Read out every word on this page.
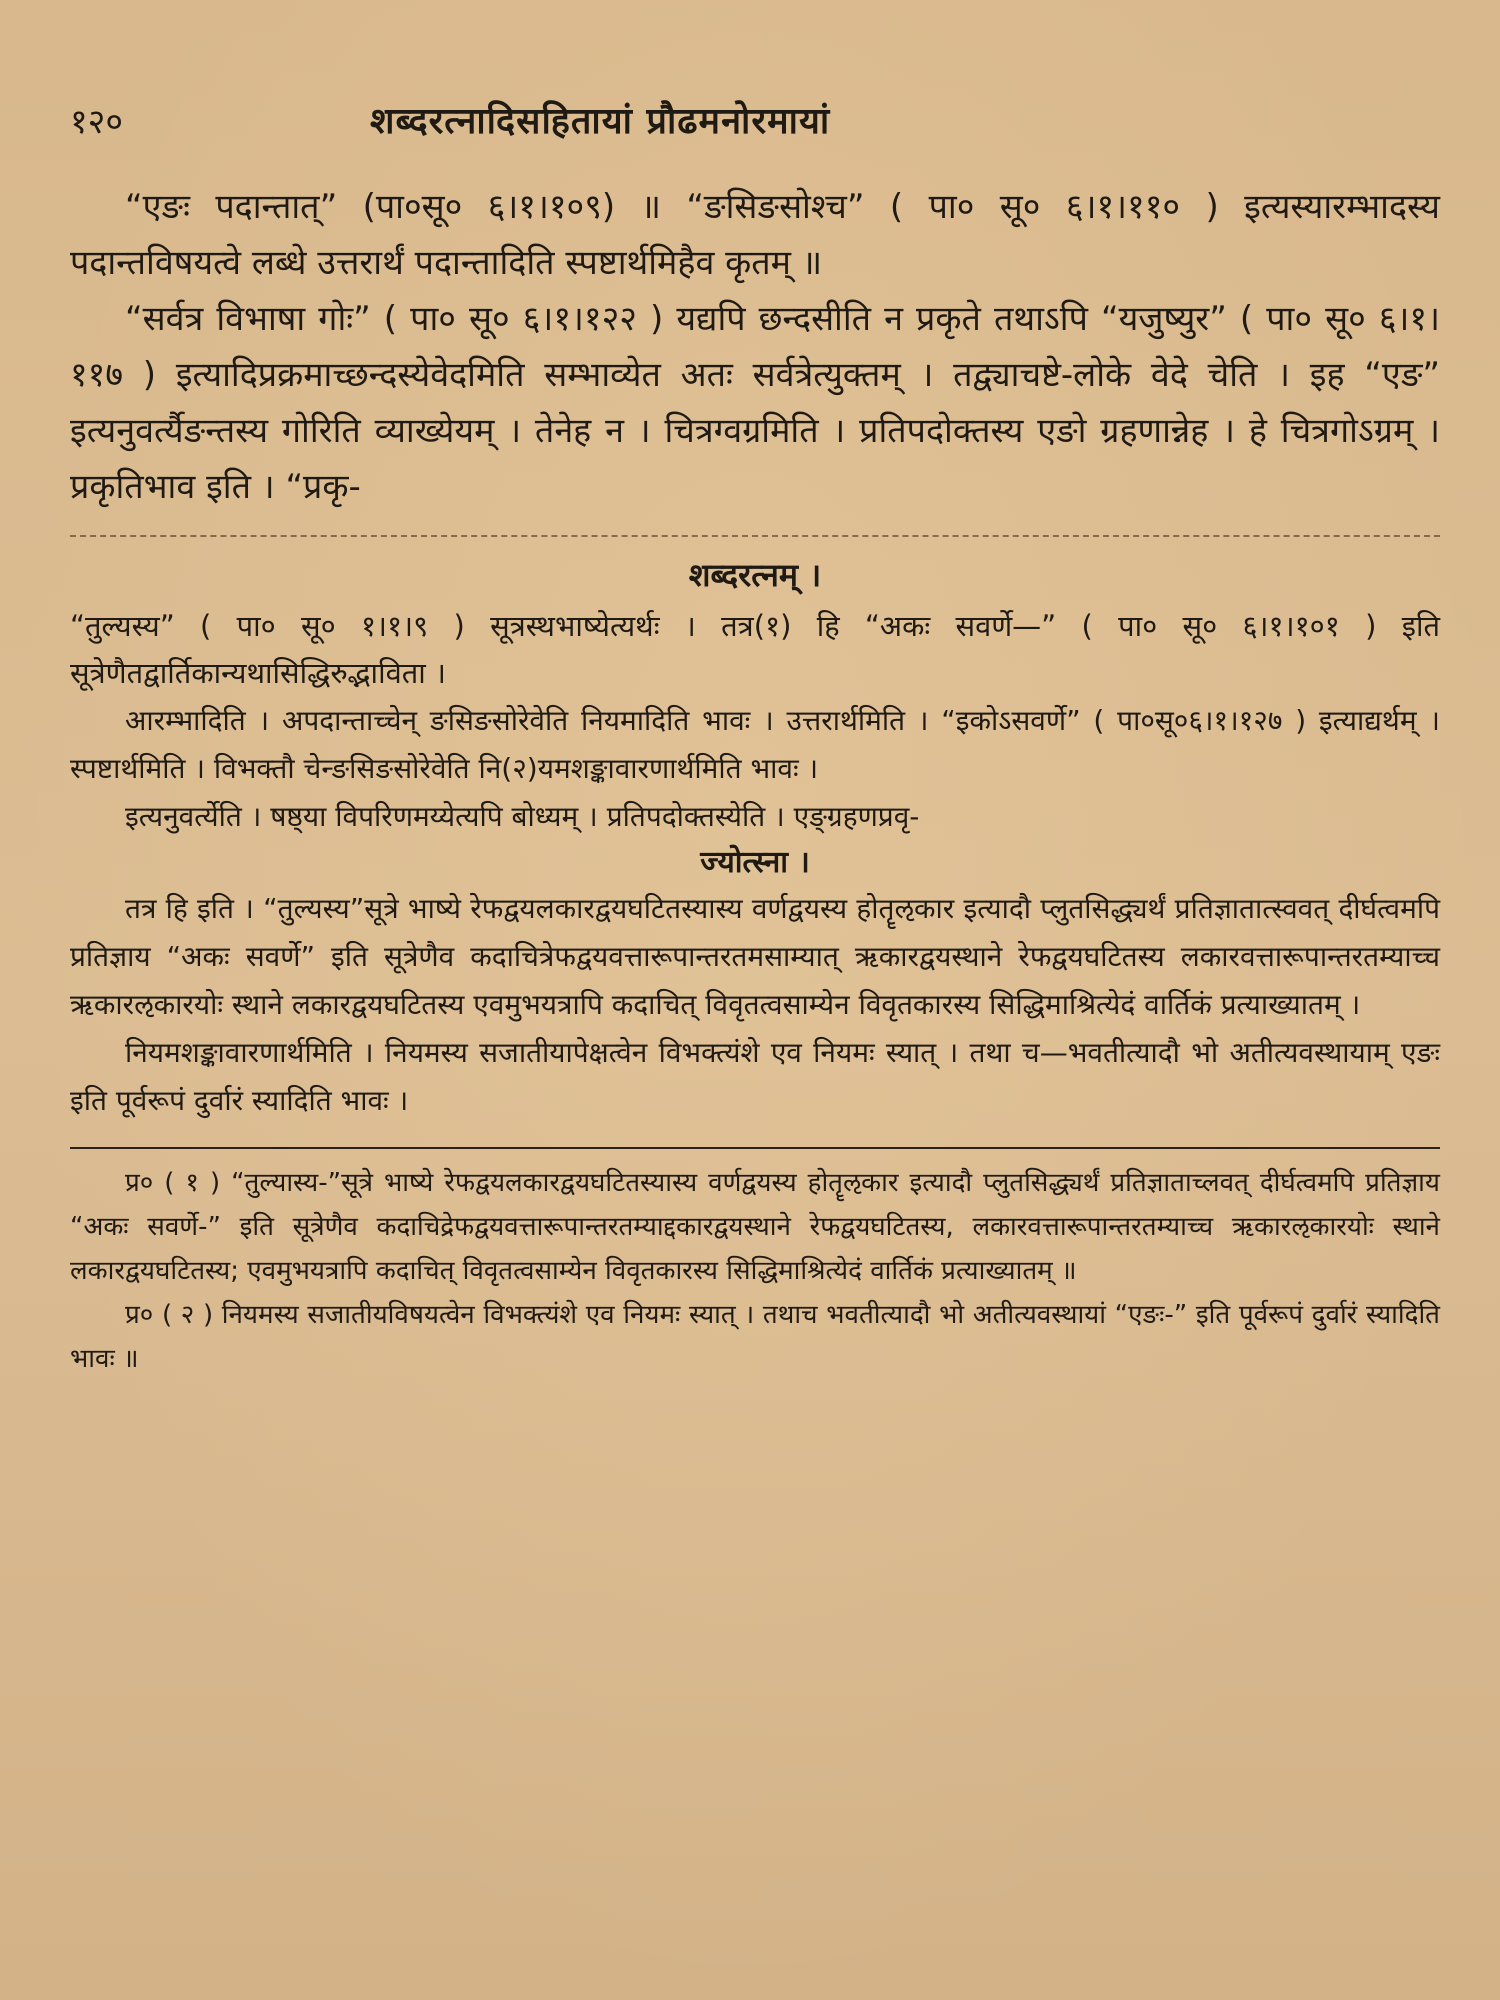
१२०	शब्दरत्नादिसहितायां प्रौढमनोरमायां

“एङः पदान्तात्” (पा०सू० ६।१।१०९) ॥ “ङसिङसोश्च” ( पा० सू० ६।१।११० ) इत्यस्यारम्भादस्य पदान्तविषयत्वे लब्धे उत्तरार्थं पदान्तादिति स्पष्टार्थमिहैव कृतम् ॥

“सर्वत्र विभाषा गोः” ( पा० सू० ६।१।१२२ ) यद्यपि छन्दसीति न प्रकृते तथाऽपि “यजुष्युर” ( पा० सू० ६।१।११७ ) इत्यादिप्रक्रमाच्छन्दस्येवेदमिति सम्भाव्येत अतः सर्वत्रेत्युक्तम् । तद्व्याचष्टे-लोके वेदे चेति । इह “एङ” इत्यनुवर्त्यैङन्तस्य गोरिति व्याख्येयम् । तेनेह न । चित्रग्वग्रमिति । प्रतिपदोक्तस्य एङो ग्रहणान्नेह । हे चित्रगोऽग्रम् । प्रकृतिभाव इति । “प्रकृ-

शब्दरत्नम् ।

“तुल्यस्य” ( पा० सू० १।१।९ ) सूत्रस्थभाष्येत्यर्थः । तत्र(१) हि “अकः सवर्णे—” ( पा० सू० ६।१।१०१ ) इति सूत्रेणैतद्वार्तिकान्यथासिद्धिरुद्भाविता ।

आरम्भादिति । अपदान्ताच्चेन् ङसिङसोरेवेति नियमादिति भावः । उत्तरार्थमिति । “इकोऽसवर्णे” ( पा०सू०६।१।१२७ ) इत्याद्यर्थम् । स्पष्टार्थमिति । विभक्तौ चेन्ङसिङसोरेवेति नि(२)यमशङ्कावारणार्थमिति भावः ।

इत्यनुवर्त्येति । षष्ठ्या विपरिणमय्येत्यपि बोध्यम् । प्रतिपदोक्तस्येति । एङ्ग्रहणप्रवृ-

ज्योत्स्ना ।

तत्र हि इति । “तुल्यस्य”सूत्रे भाष्ये रेफद्वयलकारद्वयघटितस्यास्य वर्णद्वयस्य होतॄऌकार इत्यादौ प्लुतसिद्ध्यर्थं प्रतिज्ञातात्स्ववत् दीर्घत्वमपि प्रतिज्ञाय “अकः सवर्णे” इति सूत्रेणैव कदाचित्रेफद्वयवत्तारूपान्तरतमसाम्यात् ऋकारद्वयस्थाने रेफद्वयघटितस्य लकारवत्तारूपान्तरतम्याच्च ऋकारऌकारयोः स्थाने लकारद्वयघटितस्य एवमुभयत्रापि कदाचित् विवृतत्वसाम्येन विवृतकारस्य सिद्धिमाश्रित्येदं वार्तिकं प्रत्याख्यातम् ।

नियमशङ्कावारणार्थमिति । नियमस्य सजातीयापेक्षत्वेन विभक्त्यंशे एव नियमः स्यात् । तथा च—भवतीत्यादौ भो अतीत्यवस्थायाम् एङः इति पूर्वरूपं दुर्वारं स्यादिति भावः ।

प्र० ( १ ) “तुल्यास्य-”सूत्रे भाष्ये रेफद्वयलकारद्वयघटितस्यास्य वर्णद्वयस्य होतॄऌकार इत्यादौ प्लुतसिद्ध्यर्थं प्रतिज्ञाताच्लवत् दीर्घत्वमपि प्रतिज्ञाय “अकः सवर्णे-” इति सूत्रेणैव कदाचिद्रेफद्वयवत्तारूपान्तरतम्याद्दकारद्वयस्थाने रेफद्वयघटितस्य, लकारवत्तारूपान्तरतम्याच्च ऋकारऌकारयोः स्थाने लकारद्वयघटितस्य; एवमुभयत्रापि कदाचित् विवृतत्वसाम्येन विवृतकारस्य सिद्धिमाश्रित्येदं वार्तिकं प्रत्याख्यातम् ॥

प्र० ( २ ) नियमस्य सजातीयविषयत्वेन विभक्त्यंशे एव नियमः स्यात् । तथाच भवतीत्यादौ भो अतीत्यवस्थायां “एङः-” इति पूर्वरूपं दुर्वारं स्यादिति भावः ॥
